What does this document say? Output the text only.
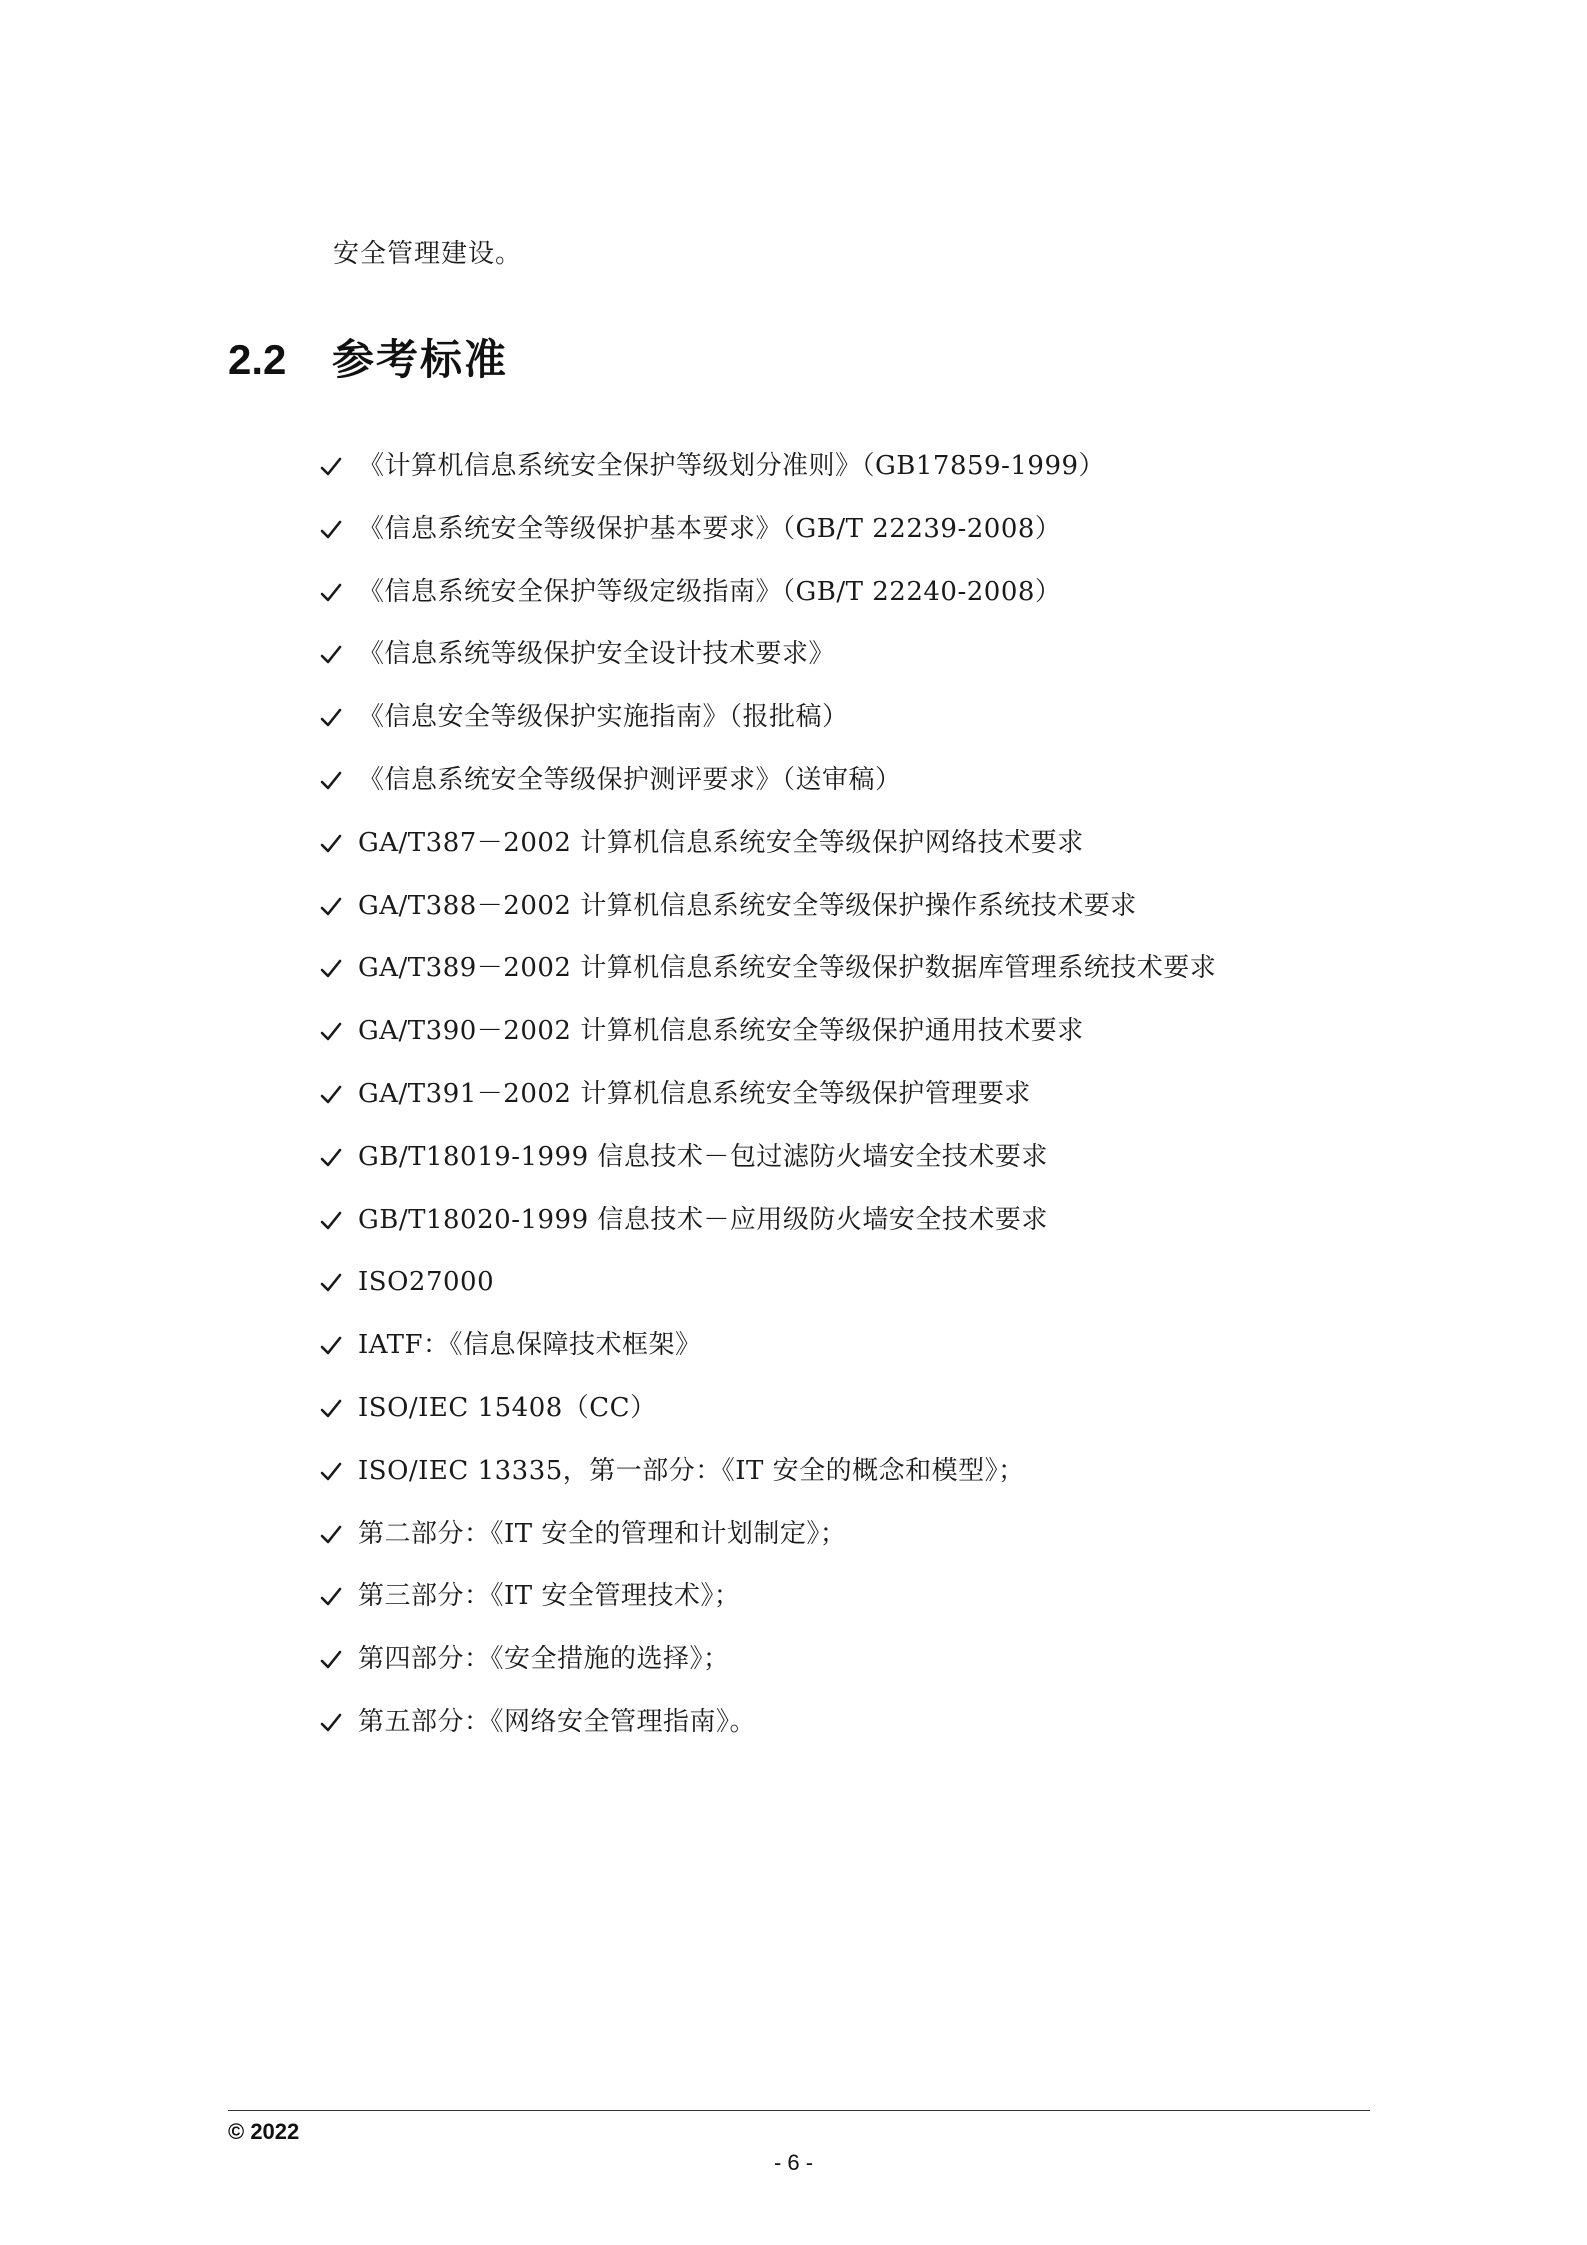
安全管理建设。
2.2	参考标准
《计算机信息系统安全保护等级划分准则》（GB17859-1999）
《信息系统安全等级保护基本要求》（GB/T 22239-2008）
《信息系统安全保护等级定级指南》（GB/T 22240-2008）
《信息系统等级保护安全设计技术要求》
《信息安全等级保护实施指南》（报批稿）
《信息系统安全等级保护测评要求》（送审稿）
GA/T387－2002 计算机信息系统安全等级保护网络技术要求
GA/T388－2002 计算机信息系统安全等级保护操作系统技术要求
GA/T389－2002 计算机信息系统安全等级保护数据库管理系统技术要求
GA/T390－2002 计算机信息系统安全等级保护通用技术要求
GA/T391－2002 计算机信息系统安全等级保护管理要求
GB/T18019-1999 信息技术－包过滤防火墙安全技术要求
GB/T18020-1999 信息技术－应用级防火墙安全技术要求
ISO27000
IATF：《信息保障技术框架》
ISO/IEC 15408（CC）
ISO/IEC 13335，第一部分：《IT 安全的概念和模型》；
第二部分：《IT 安全的管理和计划制定》；
第三部分：《IT 安全管理技术》；
第四部分：《安全措施的选择》；
第五部分：《网络安全管理指南》。
© 2022
- 6 -
